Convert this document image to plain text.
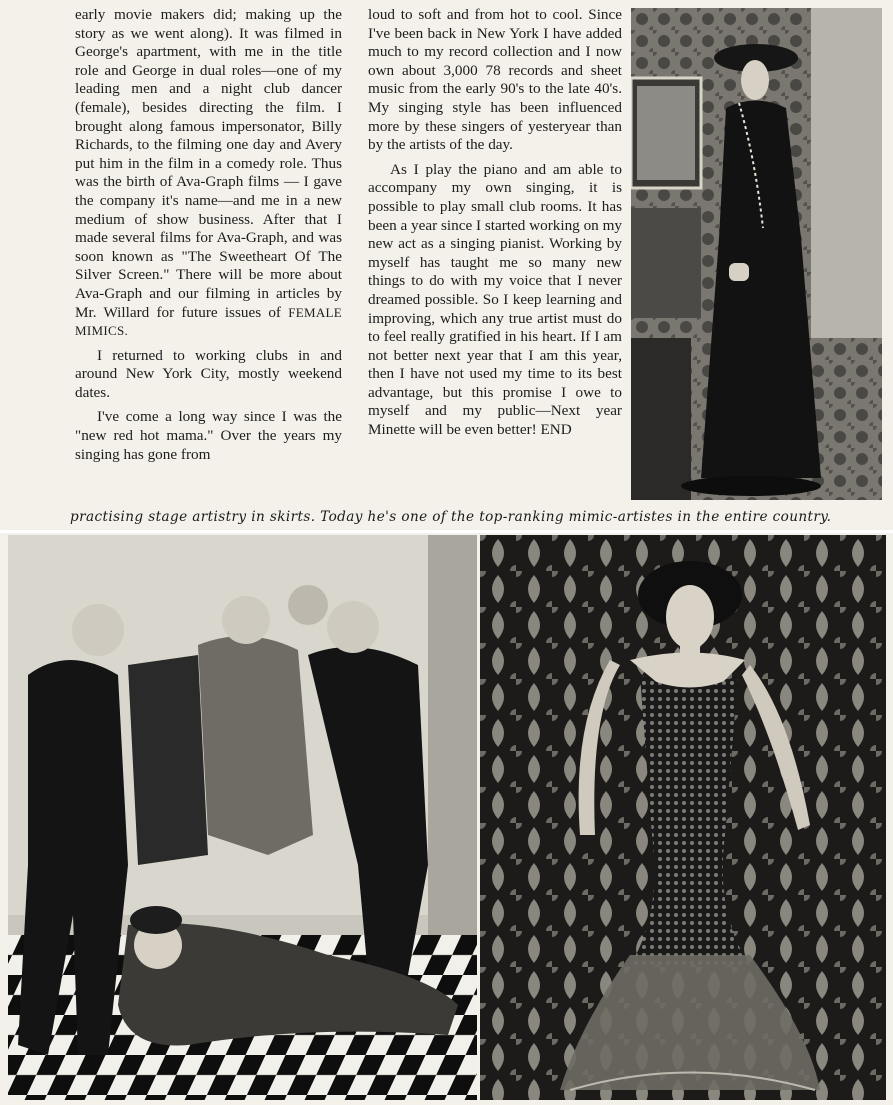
early movie makers did; making up the story as we went along). It was filmed in George's apartment, with me in the title role and George in dual roles—one of my leading men and a night club dancer (female), besides directing the film. I brought along famous impersonator, Billy Richards, to the filming one day and Avery put him in the film in a comedy role. Thus was the birth of Ava-Graph films — I gave the company it's name—and me in a new medium of show business. After that I made several films for Ava-Graph, and was soon known as "The Sweetheart Of The Silver Screen." There will be more about Ava-Graph and our filming in articles by Mr. Willard for future issues of FEMALE MIMICS.

I returned to working clubs in and around New York City, mostly weekend dates.

I've come a long way since I was the "new red hot mama." Over the years my singing has gone from

loud to soft and from hot to cool. Since I've been back in New York I have added much to my record collection and I now own about 3,000 78 records and sheet music from the early 90's to the late 40's. My singing style has been influenced more by these singers of yesteryear than by the artists of the day.

As I play the piano and am able to accompany my own singing, it is possible to play small club rooms. It has been a year since I started working on my new act as a singing pianist. Working by myself has taught me so many new things to do with my voice that I never dreamed possible. So I keep learning and improving, which any true artist must do to feel really gratified in his heart. If I am not better next year that I am this year, then I have not used my time to its best advantage, but this promise I owe to myself and my public—Next year Minette will be even better! END

practising stage artistry in skirts. Today he's one of the top-ranking mimic-artistes in the entire country.
